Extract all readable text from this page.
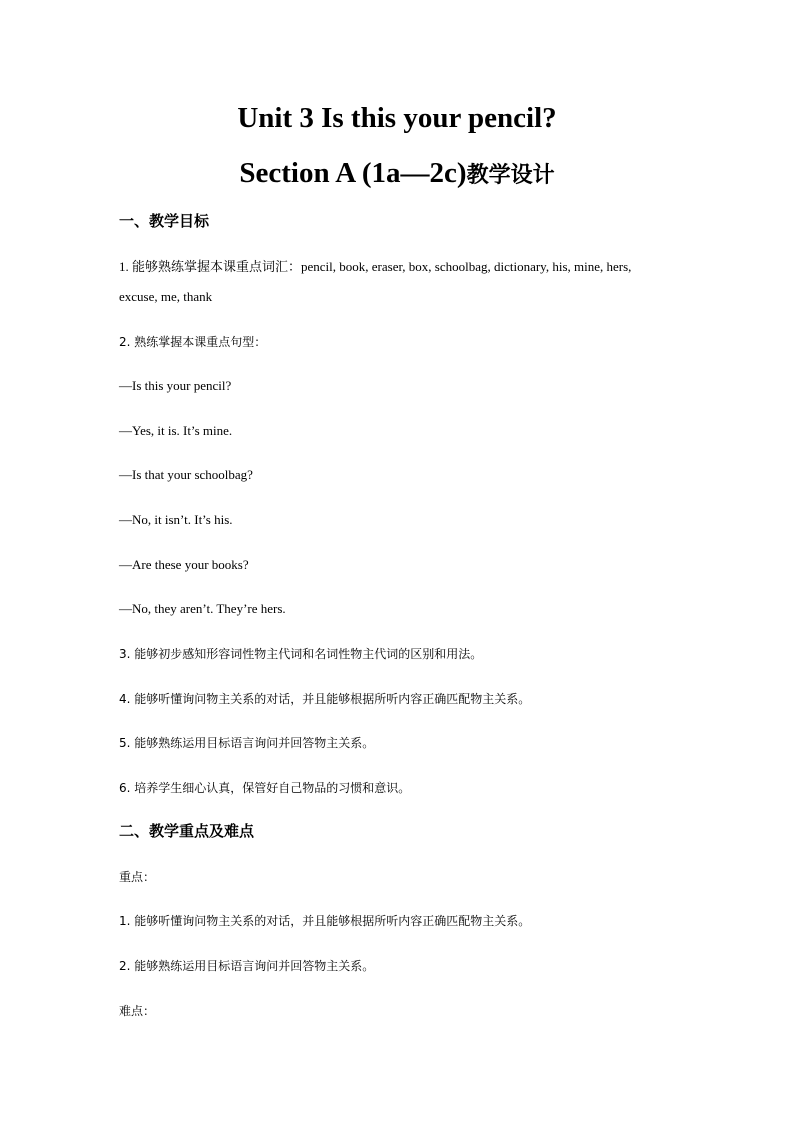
Unit 3 Is this your pencil?
Section A (1a—2c)教学设计
一、教学目标
1. 能够熟练掌握本课重点词汇：pencil, book, eraser, box, schoolbag, dictionary, his, mine, hers,
excuse, me, thank
2. 熟练掌握本课重点句型：
—Is this your pencil?
—Yes, it is. It’s mine.
—Is that your schoolbag?
—No, it isn’t. It’s his.
—Are these your books?
—No, they aren’t. They’re hers.
3. 能够初步感知形容词性物主代词和名词性物主代词的区别和用法。
4. 能够听懂询问物主关系的对话，并且能够根据所听内容正确匹配物主关系。
5. 能够熟练运用目标语言询问并回答物主关系。
6. 培养学生细心认真，保管好自己物品的习惯和意识。
二、教学重点及难点
重点：
1. 能够听懂询问物主关系的对话，并且能够根据所听内容正确匹配物主关系。
2. 能够熟练运用目标语言询问并回答物主关系。
难点：
